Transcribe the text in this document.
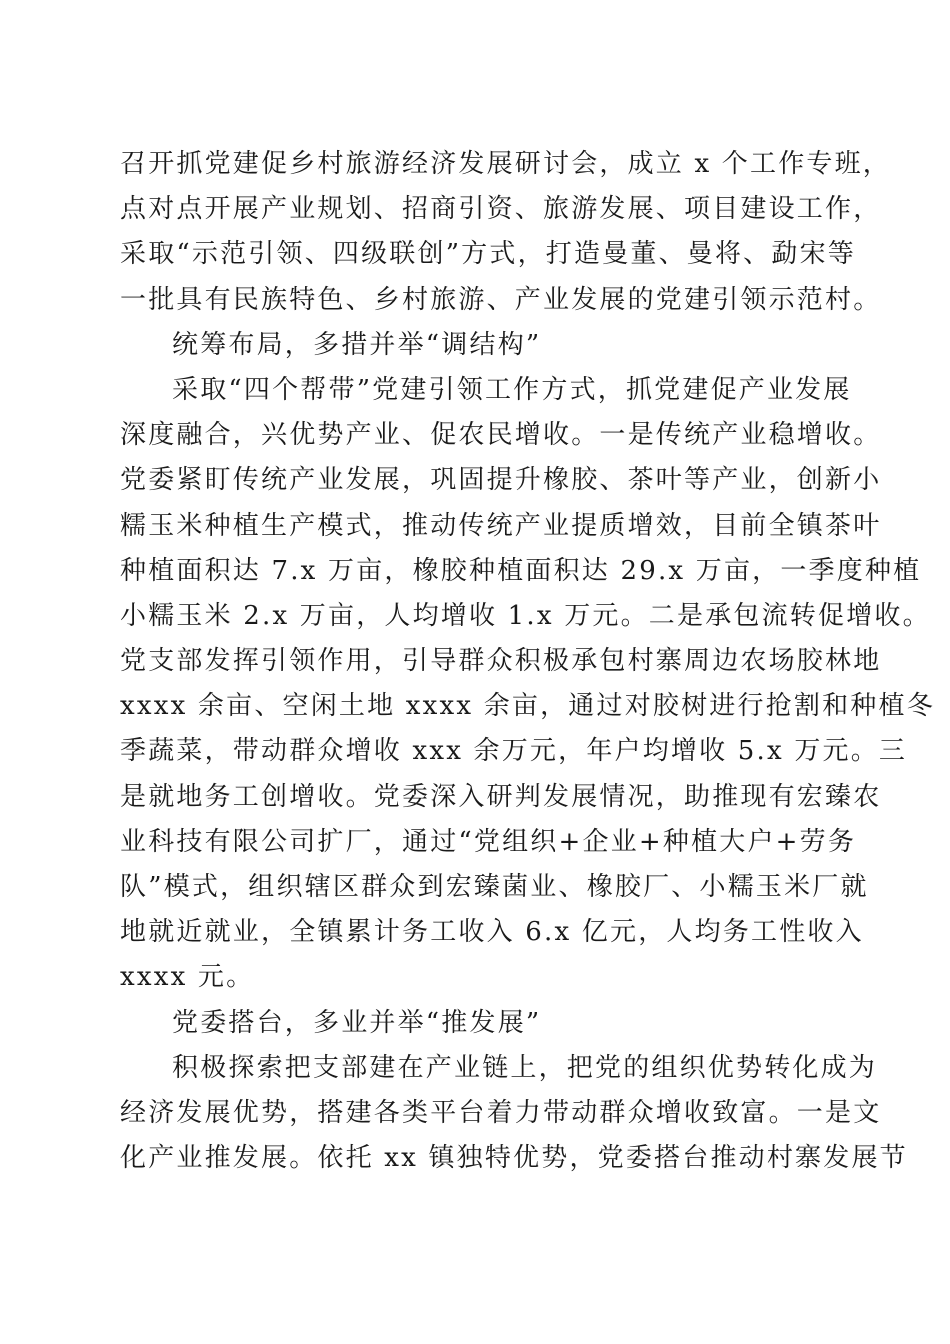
召开抓党建促乡村旅游经济发展研讨会，成立 x 个工作专班，
点对点开展产业规划、招商引资、旅游发展、项目建设工作，
采取“示范引领、四级联创”方式，打造曼董、曼将、勐宋等
一批具有民族特色、乡村旅游、产业发展的党建引领示范村。
统筹布局，多措并举“调结构”
采取“四个帮带”党建引领工作方式，抓党建促产业发展
深度融合，兴优势产业、促农民增收。一是传统产业稳增收。
党委紧盯传统产业发展，巩固提升橡胶、茶叶等产业，创新小
糯玉米种植生产模式，推动传统产业提质增效，目前全镇茶叶
种植面积达 7.x 万亩，橡胶种植面积达 29.x 万亩，一季度种植
小糯玉米 2.x 万亩，人均增收 1.x 万元。二是承包流转促增收。
党支部发挥引领作用，引导群众积极承包村寨周边农场胶林地
xxxx 余亩、空闲土地 xxxx 余亩，通过对胶树进行抢割和种植冬
季蔬菜，带动群众增收 xxx 余万元，年户均增收 5.x 万元。三
是就地务工创增收。党委深入研判发展情况，助推现有宏臻农
业科技有限公司扩厂，通过“党组织+企业+种植大户+劳务
队”模式，组织辖区群众到宏臻菌业、橡胶厂、小糯玉米厂就
地就近就业，全镇累计务工收入 6.x 亿元，人均务工性收入
xxxx 元。
党委搭台，多业并举“推发展”
积极探索把支部建在产业链上，把党的组织优势转化成为
经济发展优势，搭建各类平台着力带动群众增收致富。一是文
化产业推发展。依托 xx 镇独特优势，党委搭台推动村寨发展节
